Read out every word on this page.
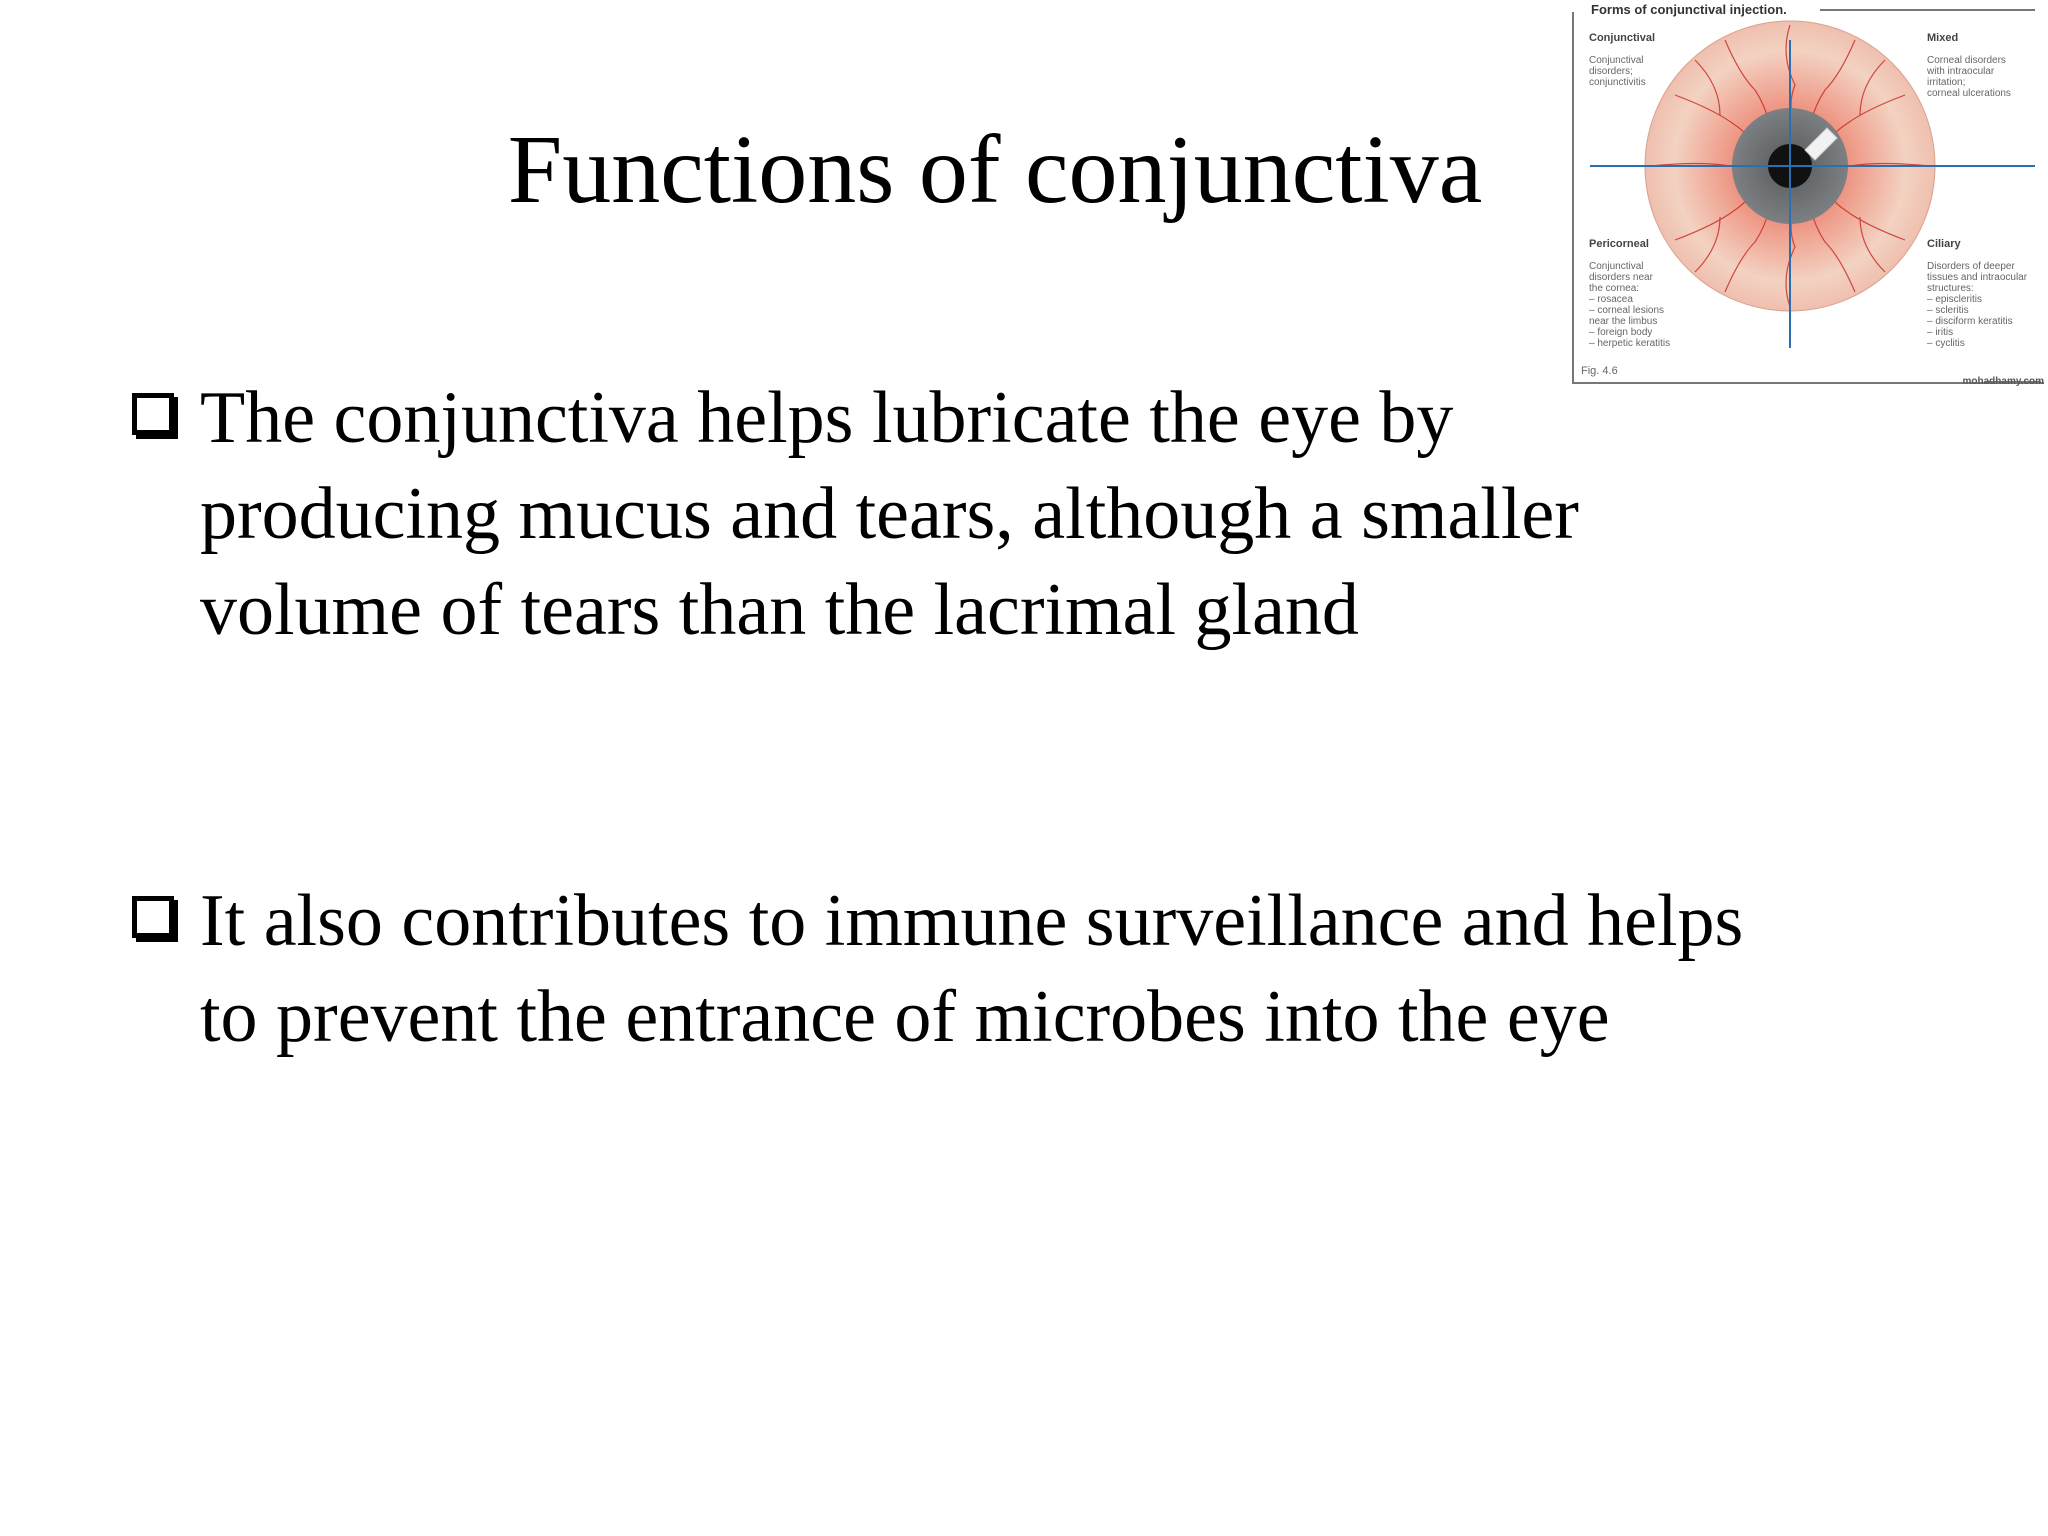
Functions of conjunctiva
The conjunctiva helps lubricate the eye by
producing mucus and tears, although a smaller
volume of tears than the lacrimal gland
It also contributes to immune surveillance and helps
to prevent the entrance of microbes into the eye
Forms of conjunctival injection.

Conjunctival

Conjunctival
disorders;
conjunctivitis

Mixed

Corneal disorders
with intraocular
irritation;
corneal ulcerations

Pericorneal

Conjunctival
disorders near
the cornea:
– rosacea
– corneal lesions
near the limbus
– foreign body
– herpetic keratitis

Ciliary

Disorders of deeper
tissues and intraocular
structures:
– episcleritis
– scleritis
– disciform keratitis
– iritis
– cyclitis

Fig. 4.6
mohadhamy.com
